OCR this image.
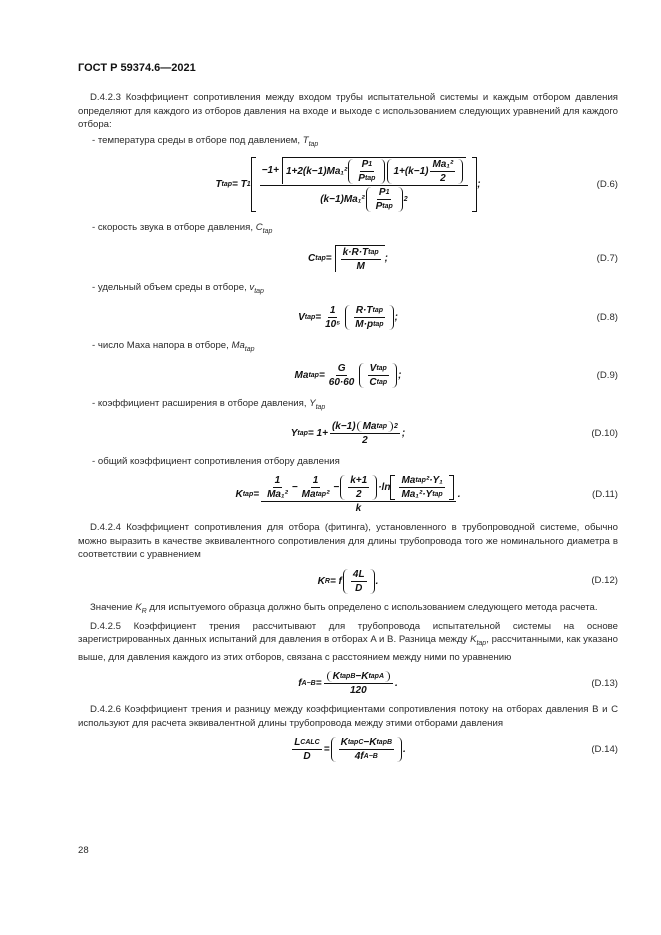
ГОСТ Р 59374.6—2021
D.4.2.3 Коэффициент сопротивления между входом трубы испытательной системы и каждым отбором давления определяют для каждого из отборов давления на входе и выходе с использованием следующих уравнений для каждого отбора:
- температура среды в отборе под давлением, $T_{tap}$
T tap = T $1 \frac{-1+ 1+2(k-1)Ma_1^2 \frac{P 1}{\text{P tap}} 1+(k-1) \frac{\text{Ma₁²}}{2}}{(k-1)Ma_1^2 \frac{P 1}{\text{P tap}} 2}$ ;	(D.6)
- скорость звука в отборе давления, $C_{tap}$
C tap = $\frac{\text{k·R·T tap}}{M}$ ;	(D.7)
- удельный объем среды в отборе, $v_{tap}$
V tap = $\frac{1}{\text{10⁵}} \frac{\text{R·T tap}}{\text{M·p tap}}$ ;	(D.8)
- число Маха напора в отборе, $Ma_{tap}$
Ma tap = $\frac{G}{60\cdot 60} \frac{\text{V tap}}{\text{C tap}}$ ;	(D.9)
- коэффициент расширения в отборе давления, $Y_{tap}$
Y tap = $1+ \frac{\text{(k−1) Ma tap 2}}{2}$ ;	(D.10)
- общий коэффициент сопротивления отбору давления
K tap = $\frac{\frac{1}{\text{Ma₁²}} - \frac{1}{\text{Ma tap ²}} - \frac{k+1}{2} \cdot\ln \frac{\text{Ma tap ² ·Y₁}}{\text{Ma₁² ·Y tap}}}{k}$ .	(D.11)
D.4.2.4 Коэффициент сопротивления для отбора (фитинга), установленного в трубопроводной системе, обычно можно выразить в качестве эквивалентного сопротивления для длины трубопровода того же номинального диаметра в соответствии с уравнением
K R = f $\frac{4L}{D}$ .	(D.12)
Значение $K_R$ для испытуемого образца должно быть определено с использованием следующего метода расчета.
D.4.2.5 Коэффициент трения рассчитывают для трубопровода испытательной системы на основе зарегистрированных данных испытаний для давления в отборах A и B. Разница между $K_{tap}$, рассчитанными, как указано выше, для давления каждого из этих отборов, связана с расстоянием между ними по уравнению
f $A-B = \frac{\text{K tapB − K tapA}}{120}$ .	(D.13)
D.4.2.6 Коэффициент трения и разницу между коэффициентами сопротивления потоку на отборах давления B и C используют для расчета эквивалентной длины трубопровода между этими отборами давления
$\frac{\text{L CALC}}{D} = \frac{\text{K tapC − K tapB}}{\text{4f A−B}}$ .	(D.14)
28
